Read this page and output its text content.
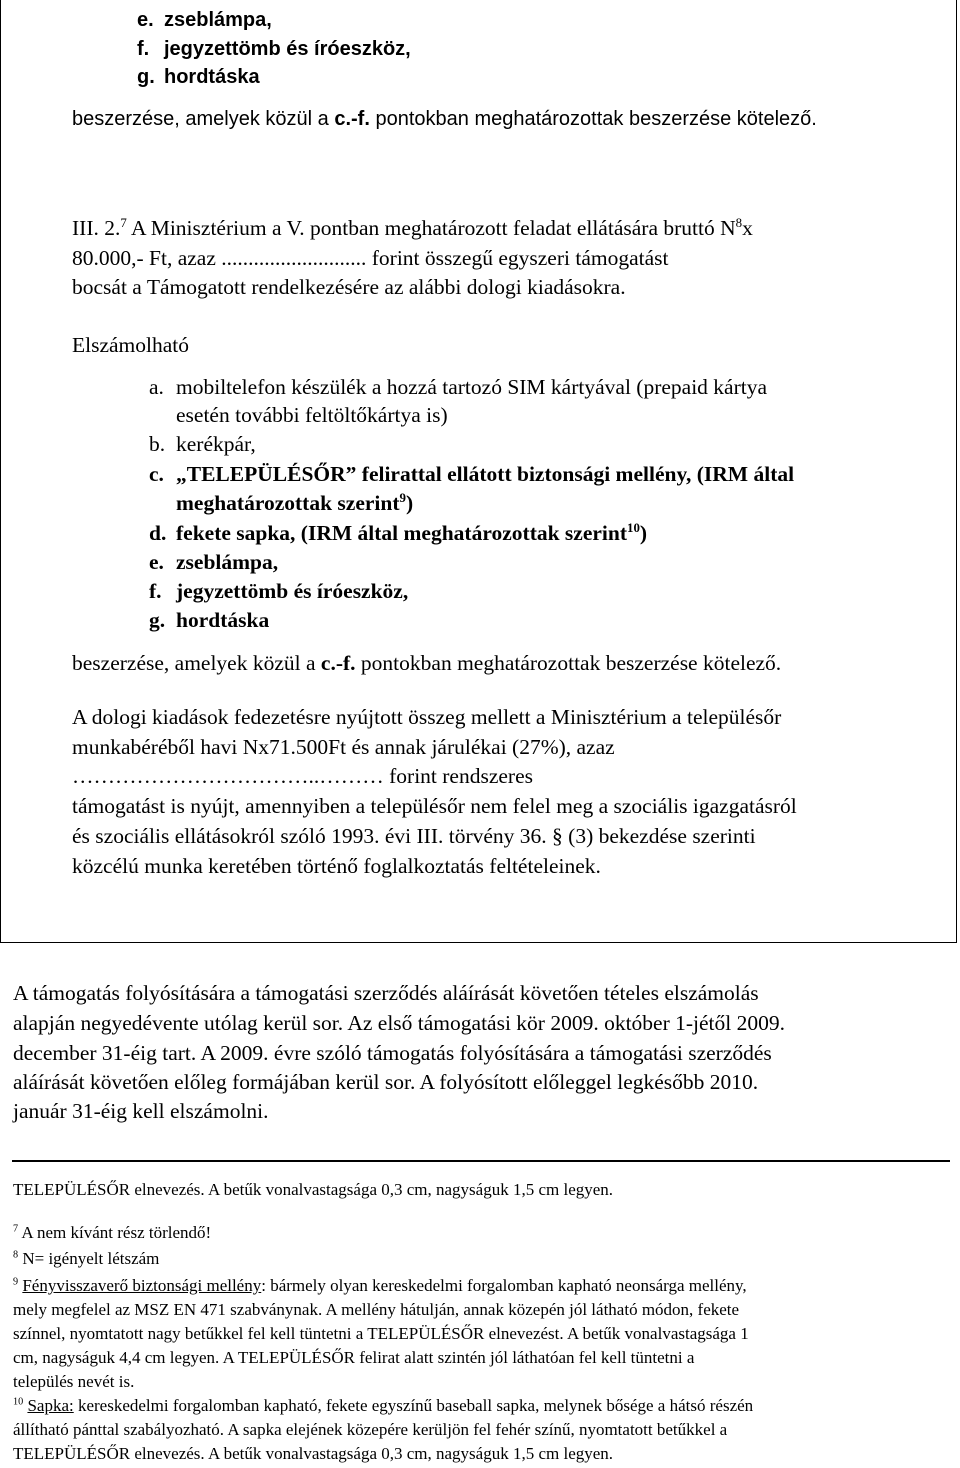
e. zseblámpa,
f. jegyzettömb és íróeszköz,
g. hordtáska
beszerzése, amelyek közül a c.-f. pontokban meghatározottak beszerzése kötelező.
III. 2.$^7$ A Minisztérium a V. pontban meghatározott feladat ellátására bruttó $N^8x$
80.000,- Ft, azaz ........................... forint összegű egyszeri támogatást
bocsát a Támogatott rendelkezésére az alábbi dologi kiadásokra.
Elszámolható
a. mobiltelefon készülék a hozzá tartozó SIM kártyával (prepaid kártya
esetén további feltöltőkártya is)
b. kerékpár,
c. „TELEPÜLÉSŐR” felirattal ellátott biztonsági mellény, (IRM által
meghatározottak szerint$^9$)
d. fekete sapka, (IRM által meghatározottak szerint$^{10}$)
e. zseblámpa,
f. jegyzettömb és íróeszköz,
g. hordtáska
beszerzése, amelyek közül a c.-f. pontokban meghatározottak beszerzése kötelező.
A dologi kiadások fedezetésre nyújtott összeg mellett a Minisztérium a településőr
munkabéréből havi Nx71.500Ft és annak járulékai (27%), azaz
……………………………..……… forint rendszeres
támogatást is nyújt, amennyiben a településőr nem felel meg a szociális igazgatásról
és szociális ellátásokról szóló 1993. évi III. törvény 36. § (3) bekezdése szerinti
közcélú munka keretében történő foglalkoztatás feltételeinek.
A támogatás folyósítására a támogatási szerződés aláírását követően tételes elszámolás
alapján negyedévente utólag kerül sor. Az első támogatási kör 2009. október 1-jétől 2009.
december 31-éig tart. A 2009. évre szóló támogatás folyósítására a támogatási szerződés
aláírását követően előleg formájában kerül sor. A folyósított előleggel legkésőbb 2010.
január 31-éig kell elszámolni.
TELEPÜLÉSŐR elnevezés. A betűk vonalvastagsága 0,3 cm, nagyságuk 1,5 cm legyen.
$^7$ A nem kívánt rész törlendő!
$^8$ N= igényelt létszám
$^9$ Fényvisszaverő biztonsági mellény: bármely olyan kereskedelmi forgalomban kapható neonsárga mellény,
mely megfelel az MSZ EN 471 szabványnak. A mellény hátulján, annak közepén jól látható módon, fekete
színnel, nyomtatott nagy betűkkel fel kell tüntetni a TELEPÜLÉSŐR elnevezést. A betűk vonalvastagsága 1
cm, nagyságuk 4,4 cm legyen. A TELEPÜLÉSŐR felirat alatt szintén jól láthatóan fel kell tüntetni a
település nevét is.
$^{10}$ Sapka: kereskedelmi forgalomban kapható, fekete egyszínű baseball sapka, melynek bősége a hátsó részén
állítható pánttal szabályozható. A sapka elejének közepére kerüljön fel fehér színű, nyomtatott betűkkel a
TELEPÜLÉSŐR elnevezés. A betűk vonalvastagsága 0,3 cm, nagyságuk 1,5 cm legyen.
